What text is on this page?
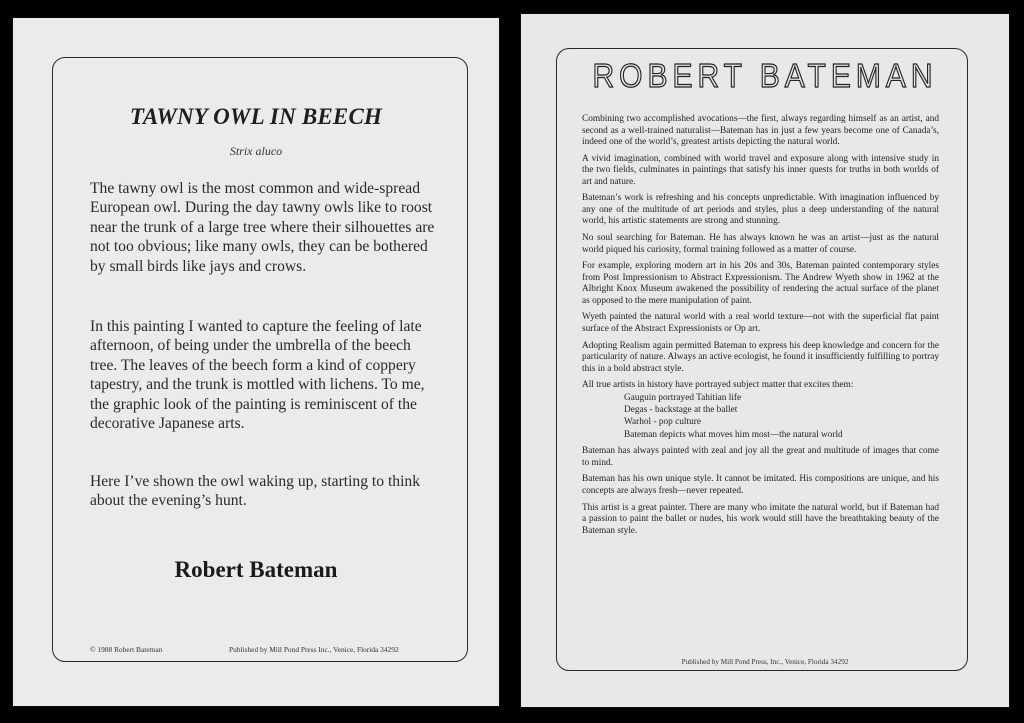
TAWNY OWL IN BEECH
Strix aluco
The tawny owl is the most common and wide-spread European owl. During the day tawny owls like to roost near the trunk of a large tree where their silhouettes are not too obvious; like many owls, they can be bothered by small birds like jays and crows.
In this painting I wanted to capture the feeling of late afternoon, of being under the umbrella of the beech tree. The leaves of the beech form a kind of coppery tapestry, and the trunk is mottled with lichens. To me, the graphic look of the painting is reminiscent of the decorative Japanese arts.
Here I’ve shown the owl waking up, starting to think about the evening’s hunt.
Robert Bateman
© 1988 Robert Bateman	Published by Mill Pond Press Inc., Venice, Florida 34292
ROBERT BATEMAN

Combining two accomplished avocations—the first, always regarding himself as an artist, and second as a well-trained naturalist—Bateman has in just a few years become one of Canada’s, indeed one of the world’s, greatest artists depicting the natural world.

A vivid imagination, combined with world travel and exposure along with intensive study in the two fields, culminates in paintings that satisfy his inner quests for truths in both worlds of art and nature.

Bateman’s work is refreshing and his concepts unpredictable. With imagination influenced by any one of the multitude of art periods and styles, plus a deep understanding of the natural world, his artistic statements are strong and stunning.

No soul searching for Bateman. He has always known he was an artist—just as the natural world piqued his curiosity, formal training followed as a matter of course.

For example, exploring modern art in his 20s and 30s, Bateman painted contemporary styles from Post Impressionism to Abstract Expressionism. The Andrew Wyeth show in 1962 at the Albright Knox Museum awakened the possibility of rendering the actual surface of the planet as opposed to the mere manipulation of paint.

Wyeth painted the natural world with a real world texture—not with the superficial flat paint surface of the Abstract Expressionists or Op art.

Adopting Realism again permitted Bateman to express his deep knowledge and concern for the particularity of nature. Always an active ecologist, he found it insufficiently fulfilling to portray this in a bold abstract style.

All true artists in history have portrayed subject matter that excites them:

Gauguin portrayed Tahitian life
Degas - backstage at the ballet
Warhol - pop culture
Bateman depicts what moves him most—the natural world

Bateman has always painted with zeal and joy all the great and multitude of images that come to mind.

Bateman has his own unique style. It cannot be imitated. His compositions are unique, and his concepts are always fresh—never repeated.

This artist is a great painter. There are many who imitate the natural world, but if Bateman had a passion to paint the ballet or nudes, his work would still have the breathtaking beauty of the Bateman style.

Published by Mill Pond Press, Inc., Venice, Florida 34292
